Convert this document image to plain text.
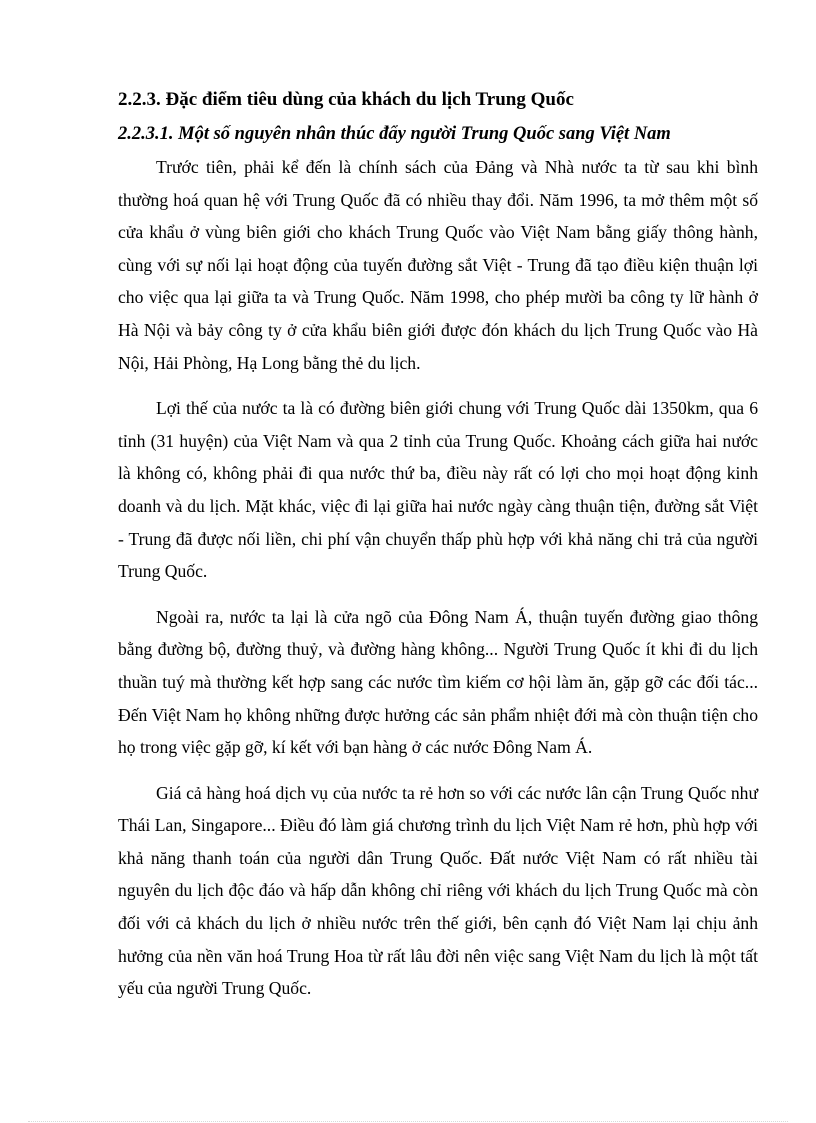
2.2.3. Đặc điểm tiêu dùng của khách du lịch Trung Quốc
2.2.3.1. Một số nguyên nhân thúc đẩy người Trung Quốc sang Việt Nam

Trước tiên, phải kể đến là chính sách của Đảng và Nhà nước ta từ sau khi bình thường hoá quan hệ với Trung Quốc đã có nhiều thay đổi. Năm 1996, ta mở thêm một số cửa khẩu ở vùng biên giới cho khách Trung Quốc vào Việt Nam bằng giấy thông hành, cùng với sự nối lại hoạt động của tuyến đường sắt Việt - Trung đã tạo điều kiện thuận lợi cho việc qua lại giữa ta và Trung Quốc. Năm 1998, cho phép mười ba công ty lữ hành ở Hà Nội và bảy công ty ở cửa khẩu biên giới được đón khách du lịch Trung Quốc vào Hà Nội, Hải Phòng, Hạ Long bằng thẻ du lịch.

Lợi thế của nước ta là có đường biên giới chung với Trung Quốc dài 1350km, qua 6 tỉnh (31 huyện) của Việt Nam và qua 2 tỉnh của Trung Quốc. Khoảng cách giữa hai nước là không có, không phải đi qua nước thứ ba, điều này rất có lợi cho mọi hoạt động kinh doanh và du lịch. Mặt khác, việc đi lại giữa hai nước ngày càng thuận tiện, đường sắt Việt - Trung đã được nối liền, chi phí vận chuyển thấp phù hợp với khả năng chi trả của người Trung Quốc.

Ngoài ra, nước ta lại là cửa ngõ của Đông Nam Á, thuận tuyến đường giao thông bằng đường bộ, đường thuỷ, và đường hàng không... Người Trung Quốc ít khi đi du lịch thuần tuý mà thường kết hợp sang các nước tìm kiếm cơ hội làm ăn, gặp gỡ các đối tác... Đến Việt Nam họ không những được hưởng các sản phẩm nhiệt đới mà còn thuận tiện cho họ trong việc gặp gỡ, kí kết với bạn hàng ở các nước Đông Nam Á.

Giá cả hàng hoá dịch vụ của nước ta rẻ hơn so với các nước lân cận Trung Quốc như Thái Lan, Singapore... Điều đó làm giá chương trình du lịch Việt Nam rẻ hơn, phù hợp với khả năng thanh toán của người dân Trung Quốc. Đất nước Việt Nam có rất nhiều tài nguyên du lịch độc đáo và hấp dẫn không chỉ riêng với khách du lịch Trung Quốc mà còn đối với cả khách du lịch ở nhiều nước trên thế giới, bên cạnh đó Việt Nam lại chịu ảnh hưởng của nền văn hoá Trung Hoa từ rất lâu đời nên việc sang Việt Nam du lịch là một tất yếu của người Trung Quốc.
